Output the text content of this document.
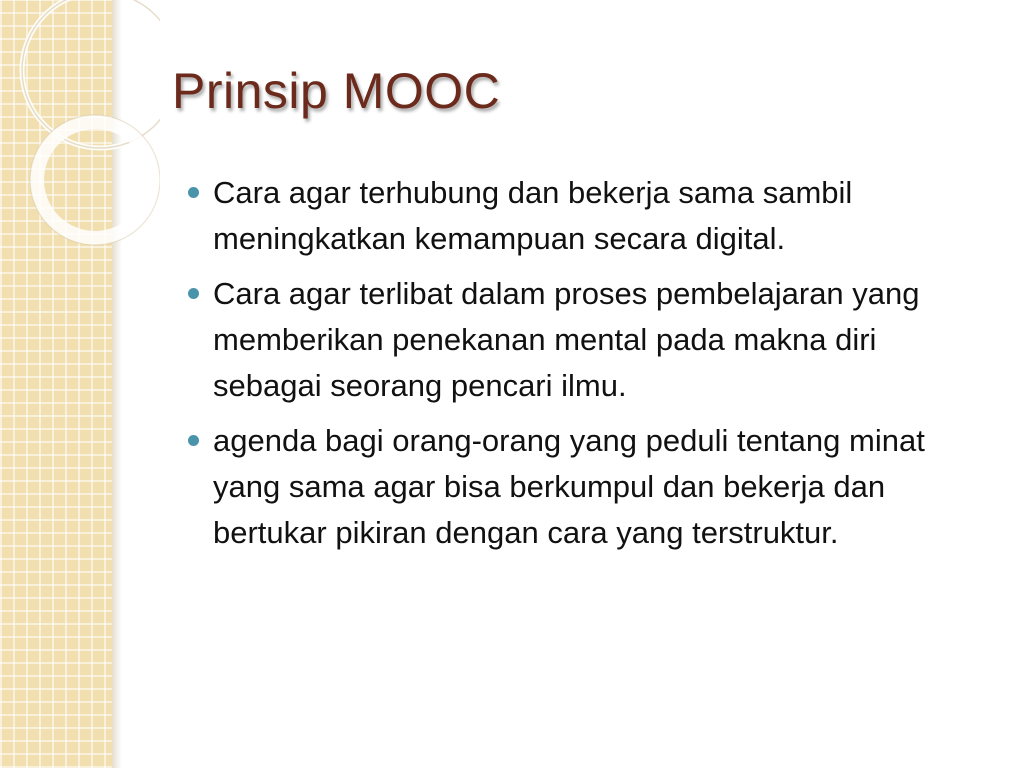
Prinsip MOOC
Cara agar terhubung dan bekerja sama sambil meningkatkan kemampuan secara digital.
Cara agar terlibat dalam proses pembelajaran yang memberikan penekanan mental pada makna diri sebagai seorang pencari ilmu.
agenda bagi orang-orang yang peduli tentang minat yang sama agar bisa berkumpul dan bekerja dan bertukar pikiran dengan cara yang terstruktur.
